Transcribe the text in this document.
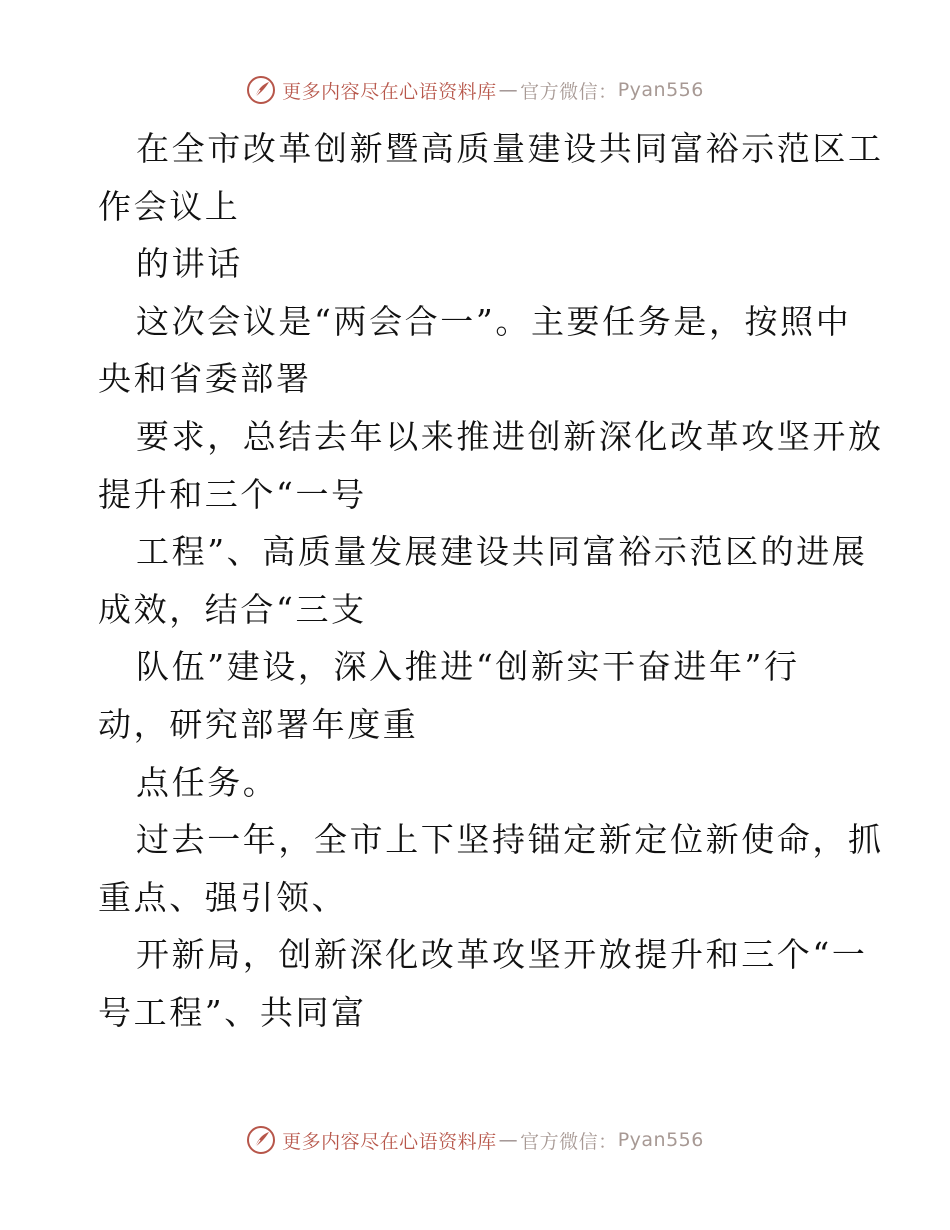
更多内容尽在心语资料库 — 官方微信： Pyan556
在全市改革创新暨高质量建设共同富裕示范区工
作会议上
的讲话
这次会议是“两会合一”。主要任务是，按照中
央和省委部署
要求，总结去年以来推进创新深化改革攻坚开放
提升和三个“一号
工程”、高质量发展建设共同富裕示范区的进展
成效，结合“三支
队伍”建设，深入推进“创新实干奋进年”行
动，研究部署年度重
点任务。
过去一年，全市上下坚持锚定新定位新使命，抓
重点、强引领、
开新局，创新深化改革攻坚开放提升和三个“一
号工程”、共同富
更多内容尽在心语资料库 — 官方微信： Pyan556
